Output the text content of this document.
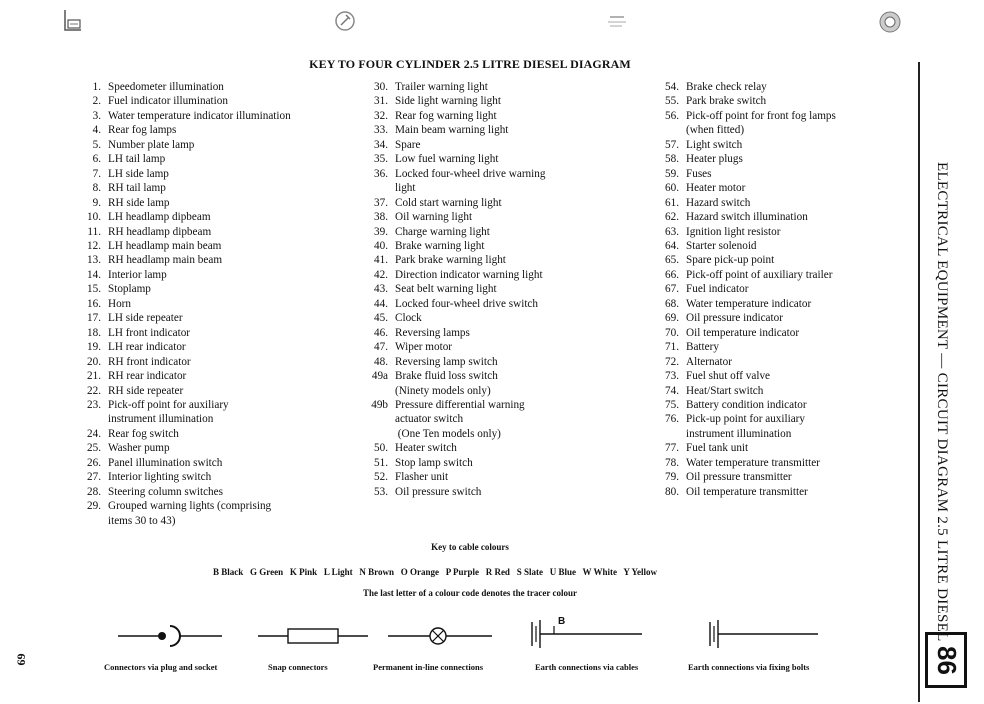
KEY TO FOUR CYLINDER 2.5 LITRE DIESEL DIAGRAM
1. Speedometer illumination
2. Fuel indicator illumination
3. Water temperature indicator illumination
4. Rear fog lamps
5. Number plate lamp
6. LH tail lamp
7. LH side lamp
8. RH tail lamp
9. RH side lamp
10. LH headlamp dipbeam
11. RH headlamp dipbeam
12. LH headlamp main beam
13. RH headlamp main beam
14. Interior lamp
15. Stoplamp
16. Horn
17. LH side repeater
18. LH front indicator
19. LH rear indicator
20. RH front indicator
21. RH rear indicator
22. RH side repeater
23. Pick-off point for auxiliary
instrument illumination
24. Rear fog switch
25. Washer pump
26. Panel illumination switch
27. Interior lighting switch
28. Steering column switches
29. Grouped warning lights (comprising
items 30 to 43)
30. Trailer warning light
31. Side light warning light
32. Rear fog warning light
33. Main beam warning light
34. Spare
35. Low fuel warning light
36. Locked four-wheel drive warning
light
37. Cold start warning light
38. Oil warning light
39. Charge warning light
40. Brake warning light
41. Park brake warning light
42. Direction indicator warning light
43. Seat belt warning light
44. Locked four-wheel drive switch
45. Clock
46. Reversing lamps
47. Wiper motor
48. Reversing lamp switch
49a Brake fluid loss switch
(Ninety models only)
49b Pressure differential warning
actuator switch
(One Ten models only)
50. Heater switch
51. Stop lamp switch
52. Flasher unit
53. Oil pressure switch
54. Brake check relay
55. Park brake switch
56. Pick-off point for front fog lamps
(when fitted)
57. Light switch
58. Heater plugs
59. Fuses
60. Heater motor
61. Hazard switch
62. Hazard switch illumination
63. Ignition light resistor
64. Starter solenoid
65. Spare pick-up point
66. Pick-off point of auxiliary trailer
67. Fuel indicator
68. Water temperature indicator
69. Oil pressure indicator
70. Oil temperature indicator
71. Battery
72. Alternator
73. Fuel shut off valve
74. Heat/Start switch
75. Battery condition indicator
76. Pick-up point for auxiliary
instrument illumination
77. Fuel tank unit
78. Water temperature transmitter
79. Oil pressure transmitter
80. Oil temperature transmitter
Key to cable colours
B Black   G Green   K Pink   L Light   N Brown   O Orange   P Purple   R Red   S Slate   U Blue   W White   Y Yellow
The last letter of a colour code denotes the tracer colour
B
Connectors via plug and socket	Snap connectors	Permanent in-line connections	Earth connections via cables	Earth connections via fixing bolts
ELECTRICAL EQUIPMENT — CIRCUIT DIAGRAM 2.5 LITRE DIESEL
86
69
